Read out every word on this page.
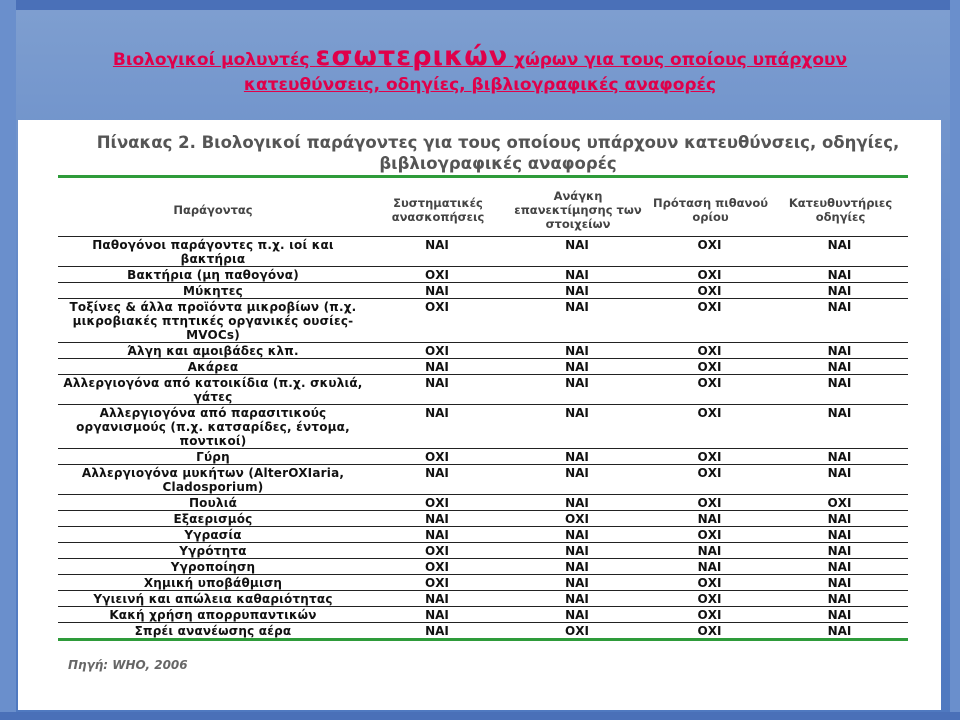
Βιολογικοί μολυντές εσωτερικών χώρων για τους οποίους υπάρχουν
κατευθύνσεις, οδηγίες, βιβλιογραφικές αναφορές
Πίνακας 2. Βιολογικοί παράγοντες για τους οποίους υπάρχουν κατευθύνσεις, οδηγίες,
βιβλιογραφικές αναφορές
Παράγοντας	Συστηματικές ανασκοπήσεις	Ανάγκη επανεκτίμησης των στοιχείων	Πρόταση πιθανού ορίου	Κατευθυντήριες οδηγίες
Παθογόνοι παράγοντες π.χ. ιοί και βακτήρια	ΝΑΙ	ΝΑΙ	ΟΧΙ	ΝΑΙ
Βακτήρια (μη παθογόνα)	ΟΧΙ	ΝΑΙ	ΟΧΙ	ΝΑΙ
Μύκητες	ΝΑΙ	ΝΑΙ	ΟΧΙ	ΝΑΙ
Τοξίνες & άλλα προϊόντα μικροβίων (π.χ. μικροβιακές πτητικές οργανικές ουσίες-MVOCs)	ΟΧΙ	ΝΑΙ	ΟΧΙ	ΝΑΙ
Άλγη και αμοιβάδες κλπ.	ΟΧΙ	ΝΑΙ	ΟΧΙ	ΝΑΙ
Ακάρεα	ΝΑΙ	ΝΑΙ	ΟΧΙ	ΝΑΙ
Αλλεργιογόνα από κατοικίδια (π.χ. σκυλιά, γάτες	ΝΑΙ	ΝΑΙ	ΟΧΙ	ΝΑΙ
Αλλεργιογόνα από παρασιτικούς οργανισμούς (π.χ. κατσαρίδες, έντομα, ποντικοί)	ΝΑΙ	ΝΑΙ	ΟΧΙ	ΝΑΙ
Γύρη	ΟΧΙ	ΝΑΙ	ΟΧΙ	ΝΑΙ
Αλλεργιογόνα μυκήτων (AlterOXIaria, Cladosporium)	ΝΑΙ	ΝΑΙ	ΟΧΙ	ΝΑΙ
Πουλιά	ΟΧΙ	ΝΑΙ	ΟΧΙ	ΟΧΙ
Εξαερισμός	ΝΑΙ	ΟΧΙ	ΝΑΙ	ΝΑΙ
Υγρασία	ΝΑΙ	ΝΑΙ	ΟΧΙ	ΝΑΙ
Υγρότητα	ΟΧΙ	ΝΑΙ	ΝΑΙ	ΝΑΙ
Υγροποίηση	ΟΧΙ	ΝΑΙ	ΝΑΙ	ΝΑΙ
Χημική υποβάθμιση	ΟΧΙ	ΝΑΙ	ΟΧΙ	ΝΑΙ
Υγιεινή και απώλεια καθαριότητας	ΝΑΙ	ΝΑΙ	ΟΧΙ	ΝΑΙ
Κακή χρήση απορρυπαντικών	ΝΑΙ	ΝΑΙ	ΟΧΙ	ΝΑΙ
Σπρέι ανανέωσης αέρα	ΝΑΙ	ΟΧΙ	ΟΧΙ	ΝΑΙ
Πηγή: WHO, 2006
